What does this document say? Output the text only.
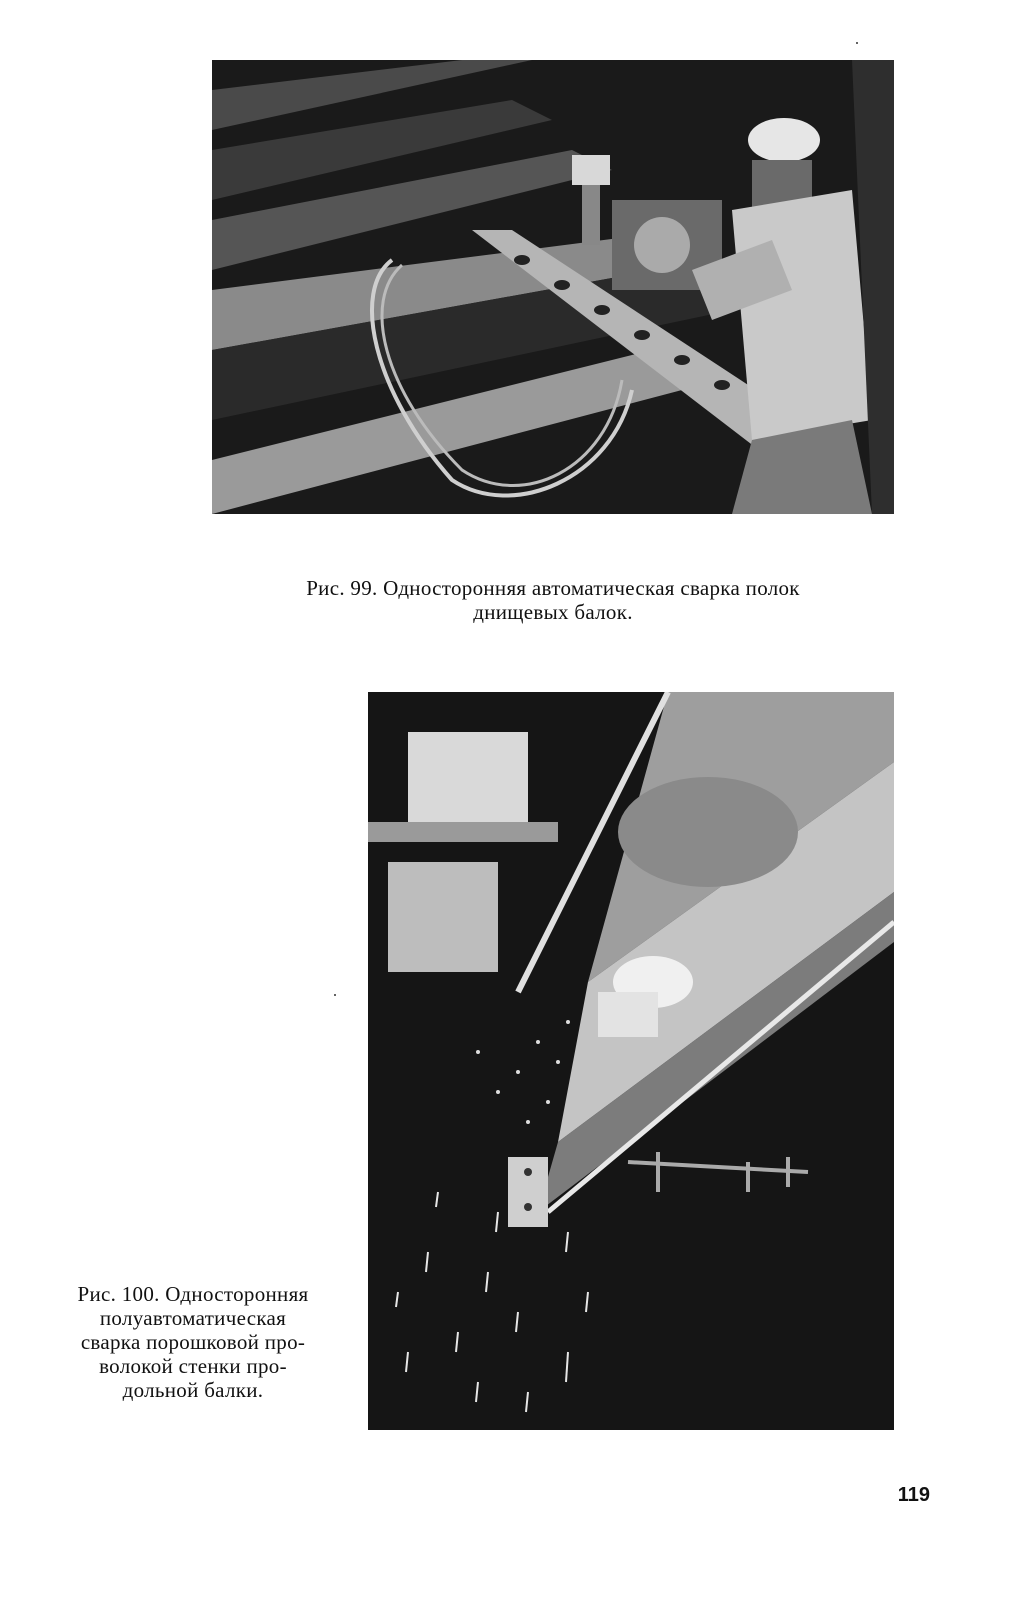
Рис. 99. Односторонняя автоматическая сварка полок
днищевых балок.
Рис. 100. Односторонняя
полуавтоматическая
сварка порошковой про-
волокой стенки про-
дольной балки.
119
